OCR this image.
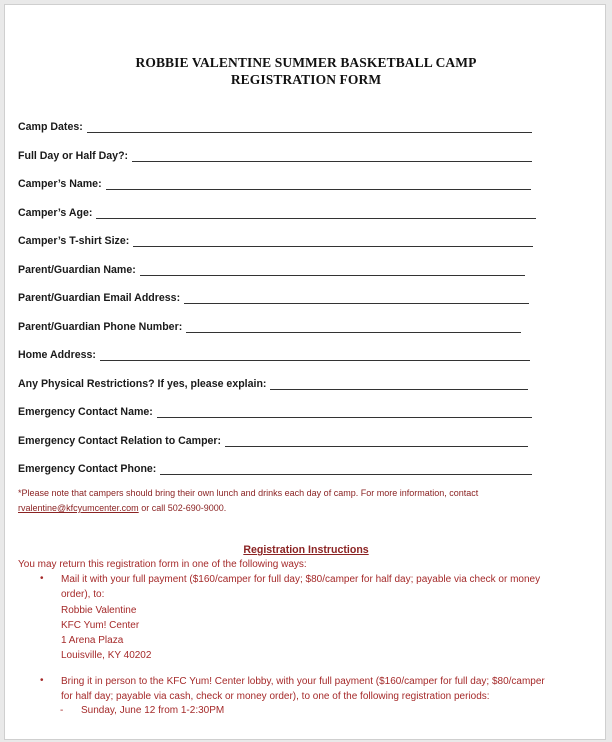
ROBBIE VALENTINE SUMMER BASKETBALL CAMP
REGISTRATION FORM
Camp Dates:
Full Day or Half Day?:
Camper’s Name:
Camper’s Age:
Camper’s T-shirt Size:
Parent/Guardian Name:
Parent/Guardian Email Address:
Parent/Guardian Phone Number:
Home Address:
Any Physical Restrictions? If yes, please explain:
Emergency Contact Name:
Emergency Contact Relation to Camper:
Emergency Contact Phone:
*Please note that campers should bring their own lunch and drinks each day of camp. For more information, contact
rvalentine@kfcyumcenter.com or call 502-690-9000.
Registration Instructions
You may return this registration form in one of the following ways:
• Mail it with your full payment ($160/camper for full day; $80/camper for half day; payable via check or money
order), to:
Robbie Valentine
KFC Yum! Center
1 Arena Plaza
Louisville, KY 40202
• Bring it in person to the KFC Yum! Center lobby, with your full payment ($160/camper for full day; $80/camper
for half day; payable via cash, check or money order), to one of the following registration periods:
- Sunday, June 12 from 1-2:30PM
